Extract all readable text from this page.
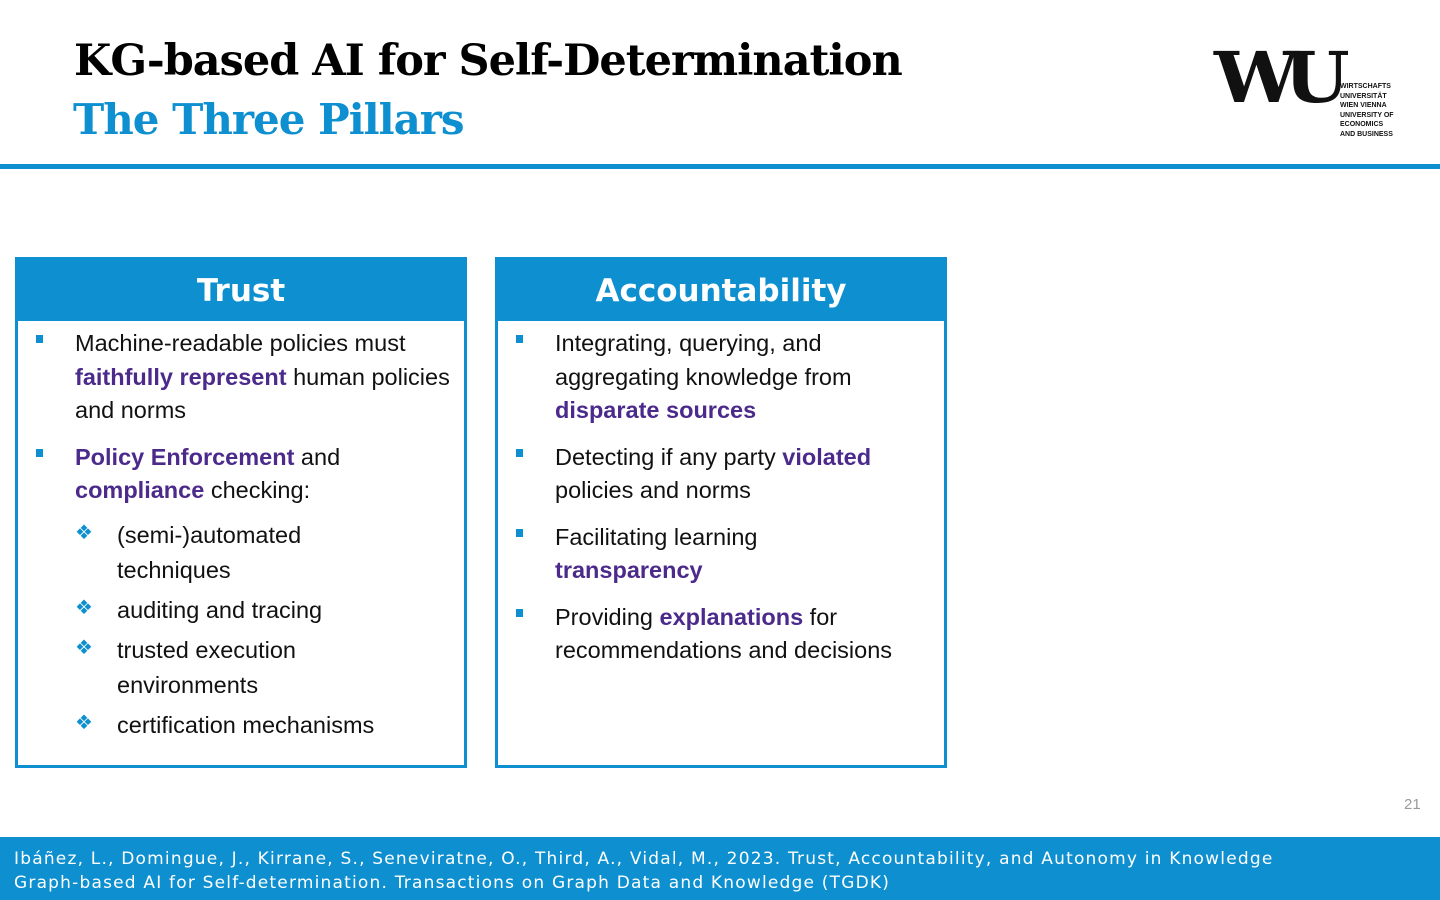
KG-based AI for Self-Determination
The Three Pillars
WU WIRTSCHAFTS
UNIVERSITÄT
WIEN VIENNA
UNIVERSITY OF
ECONOMICS
AND BUSINESS
Trust
Machine-readable policies must faithfully represent human policies and norms
Policy Enforcement and compliance checking:
❖	(semi-)automated techniques
❖	auditing and tracing
❖	trusted execution environments
❖	certification mechanisms
Accountability
Integrating, querying, and aggregating knowledge from disparate sources
Detecting if any party violated policies and norms
Facilitating learning transparency
Providing explanations for recommendations and decisions
21
Ibáñez, L., Domingue, J., Kirrane, S., Seneviratne, O., Third, A., Vidal, M., 2023. Trust, Accountability, and Autonomy in Knowledge
Graph-based AI for Self-determination. Transactions on Graph Data and Knowledge (TGDK)
